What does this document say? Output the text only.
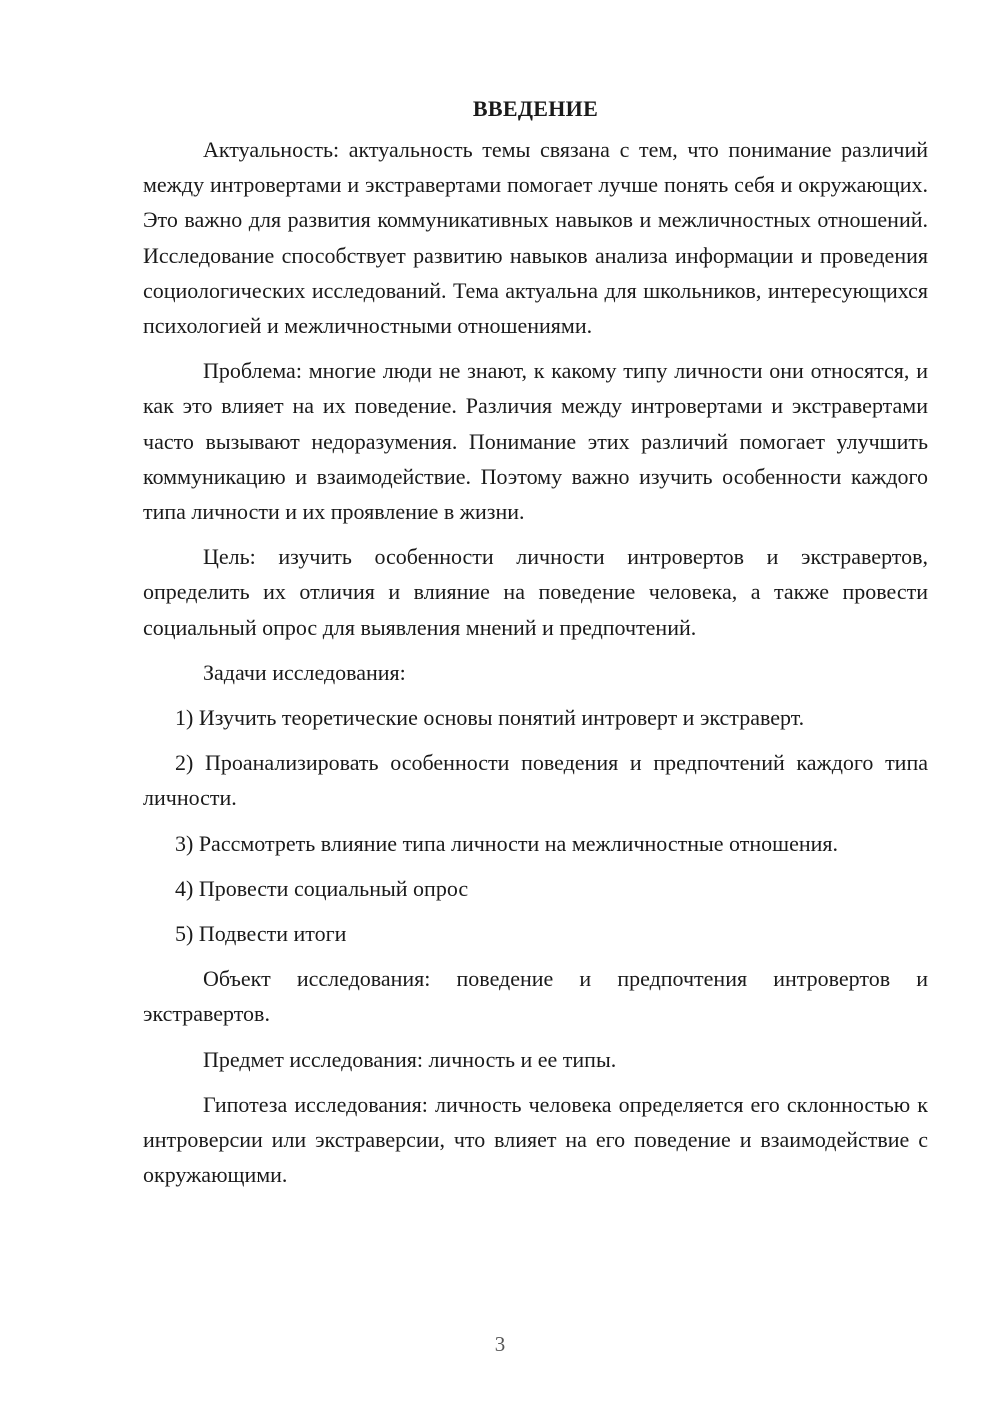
ВВЕДЕНИЕ

Актуальность: актуальность темы связана с тем, что понимание различий между интровертами и экстравертами помогает лучше понять себя и окружающих. Это важно для развития коммуникативных навыков и межличностных отношений. Исследование способствует развитию навыков анализа информации и проведения социологических исследований. Тема актуальна для школьников, интересующихся психологией и межличностными отношениями.

Проблема: многие люди не знают, к какому типу личности они относятся, и как это влияет на их поведение. Различия между интровертами и экстравертами часто вызывают недоразумения. Понимание этих различий помогает улучшить коммуникацию и взаимодействие. Поэтому важно изучить особенности каждого типа личности и их проявление в жизни.

Цель: изучить особенности личности интровертов и экстравертов, определить их отличия и влияние на поведение человека, а также провести социальный опрос для выявления мнений и предпочтений.

Задачи исследования:

1) Изучить теоретические основы понятий интроверт и экстраверт.

2) Проанализировать особенности поведения и предпочтений каждого типа личности.

3) Рассмотреть влияние типа личности на межличностные отношения.

4) Провести социальный опрос

5) Подвести итоги

Объект исследования: поведение и предпочтения интровертов и экстравертов.

Предмет исследования: личность и ее типы.

Гипотеза исследования: личность человека определяется его склонностью к интроверсии или экстраверсии, что влияет на его поведение и взаимодействие с окружающими.

3
